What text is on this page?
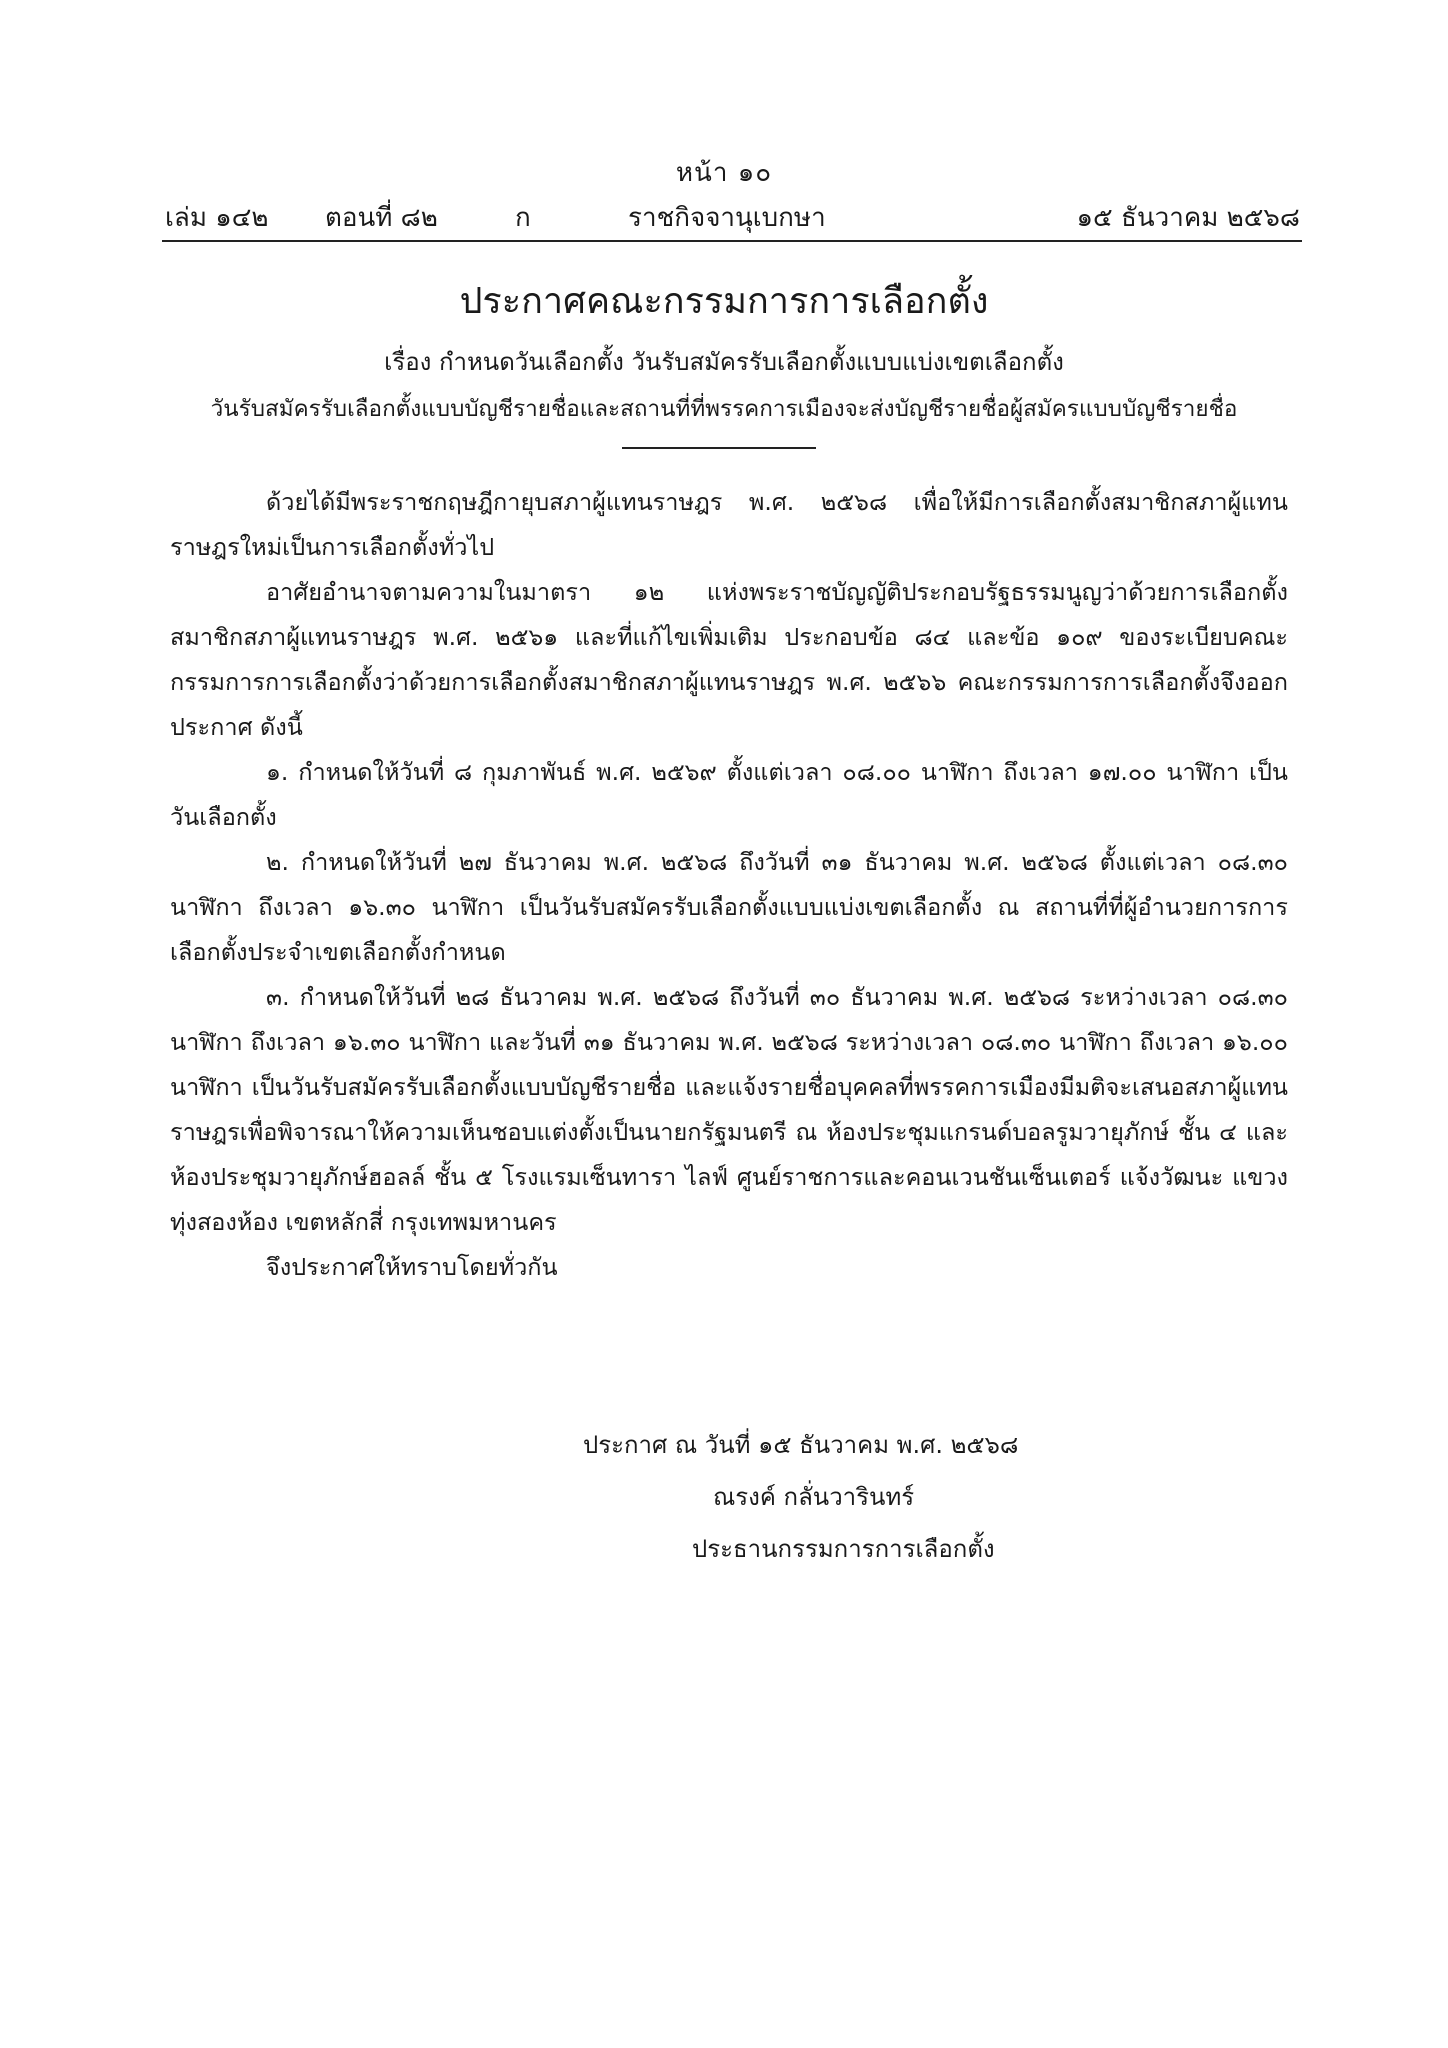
หน้า ๑๐
เล่ม ๑๔๒ ตอนที่ ๘๒	ก	ราชกิจจานุเบกษา	๑๕ ธันวาคม ๒๕๖๘
ประกาศคณะกรรมการการเลือกตั้ง
เรื่อง กำหนดวันเลือกตั้ง วันรับสมัครรับเลือกตั้งแบบแบ่งเขตเลือกตั้ง
วันรับสมัครรับเลือกตั้งแบบบัญชีรายชื่อและสถานที่ที่พรรคการเมืองจะส่งบัญชีรายชื่อผู้สมัครแบบบัญชีรายชื่อ

ด้วยได้มีพระราชกฤษฎีกายุบสภาผู้แทนราษฎร พ.ศ. ๒๕๖๘ เพื่อให้มีการเลือกตั้งสมาชิกสภาผู้แทนราษฎรใหม่เป็นการเลือกตั้งทั่วไป

อาศัยอำนาจตามความในมาตรา ๑๒ แห่งพระราชบัญญัติประกอบรัฐธรรมนูญว่าด้วยการเลือกตั้งสมาชิกสภาผู้แทนราษฎร พ.ศ. ๒๕๖๑ และที่แก้ไขเพิ่มเติม ประกอบข้อ ๘๔ และข้อ ๑๐๙ ของระเบียบคณะกรรมการการเลือกตั้งว่าด้วยการเลือกตั้งสมาชิกสภาผู้แทนราษฎร พ.ศ. ๒๕๖๖ คณะกรรมการการเลือกตั้งจึงออกประกาศ ดังนี้

๑. กำหนดให้วันที่ ๘ กุมภาพันธ์ พ.ศ. ๒๕๖๙ ตั้งแต่เวลา ๐๘.๐๐ นาฬิกา ถึงเวลา ๑๗.๐๐ นาฬิกา เป็นวันเลือกตั้ง

๒. กำหนดให้วันที่ ๒๗ ธันวาคม พ.ศ. ๒๕๖๘ ถึงวันที่ ๓๑ ธันวาคม พ.ศ. ๒๕๖๘ ตั้งแต่เวลา ๐๘.๓๐ นาฬิกา ถึงเวลา ๑๖.๓๐ นาฬิกา เป็นวันรับสมัครรับเลือกตั้งแบบแบ่งเขตเลือกตั้ง ณ สถานที่ที่ผู้อำนวยการการเลือกตั้งประจำเขตเลือกตั้งกำหนด

๓. กำหนดให้วันที่ ๒๘ ธันวาคม พ.ศ. ๒๕๖๘ ถึงวันที่ ๓๐ ธันวาคม พ.ศ. ๒๕๖๘ ระหว่างเวลา ๐๘.๓๐ นาฬิกา ถึงเวลา ๑๖.๓๐ นาฬิกา และวันที่ ๓๑ ธันวาคม พ.ศ. ๒๕๖๘ ระหว่างเวลา ๐๘.๓๐ นาฬิกา ถึงเวลา ๑๖.๐๐ นาฬิกา เป็นวันรับสมัครรับเลือกตั้งแบบบัญชีรายชื่อ และแจ้งรายชื่อบุคคลที่พรรคการเมืองมีมติจะเสนอสภาผู้แทนราษฎรเพื่อพิจารณาให้ความเห็นชอบแต่งตั้งเป็นนายกรัฐมนตรี ณ ห้องประชุมแกรนด์บอลรูมวายุภักษ์ ชั้น ๔ และห้องประชุมวายุภักษ์ฮอลล์ ชั้น ๕ โรงแรมเซ็นทารา ไลฟ์ ศูนย์ราชการและคอนเวนชันเซ็นเตอร์ แจ้งวัฒนะ แขวงทุ่งสองห้อง เขตหลักสี่ กรุงเทพมหานคร

จึงประกาศให้ทราบโดยทั่วกัน

ประกาศ ณ วันที่ ๑๕ ธันวาคม พ.ศ. ๒๕๖๘
ณรงค์ กลั่นวารินทร์
ประธานกรรมการการเลือกตั้ง
